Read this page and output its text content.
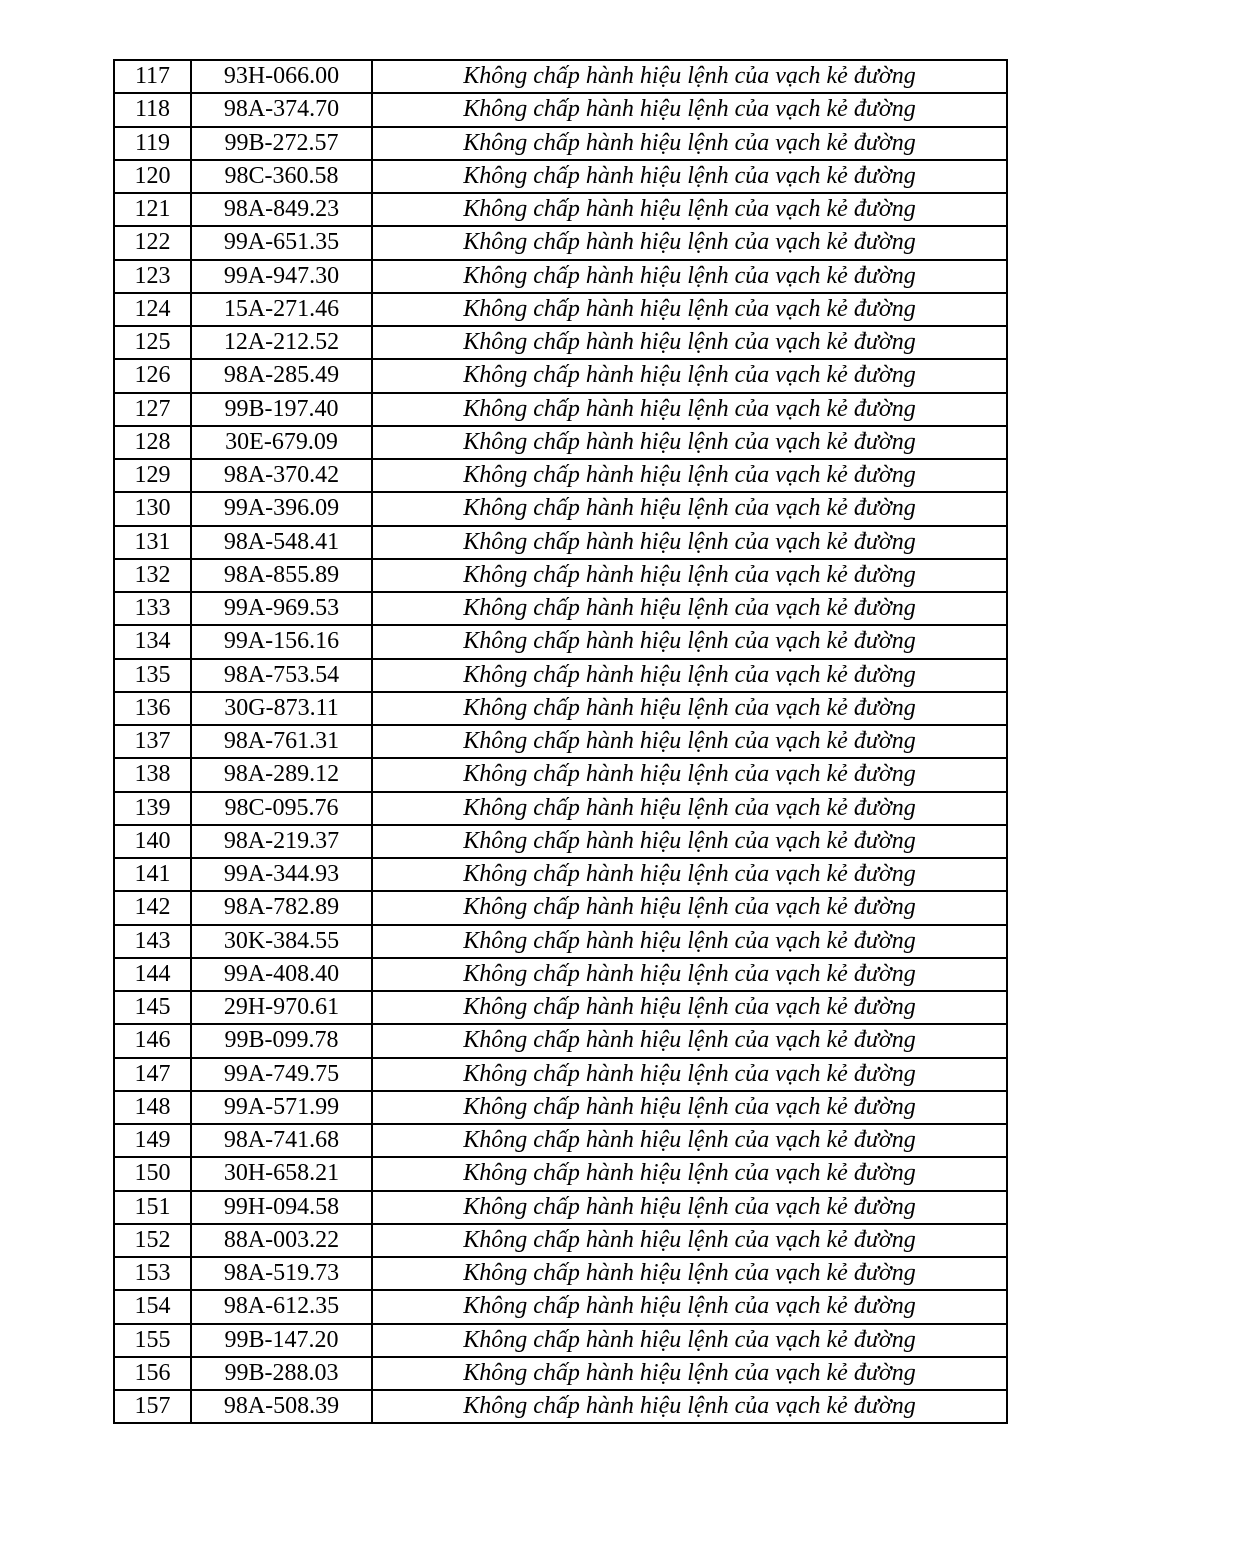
117	93H-066.00	Không chấp hành hiệu lệnh của vạch kẻ đường
118	98A-374.70	Không chấp hành hiệu lệnh của vạch kẻ đường
119	99B-272.57	Không chấp hành hiệu lệnh của vạch kẻ đường
120	98C-360.58	Không chấp hành hiệu lệnh của vạch kẻ đường
121	98A-849.23	Không chấp hành hiệu lệnh của vạch kẻ đường
122	99A-651.35	Không chấp hành hiệu lệnh của vạch kẻ đường
123	99A-947.30	Không chấp hành hiệu lệnh của vạch kẻ đường
124	15A-271.46	Không chấp hành hiệu lệnh của vạch kẻ đường
125	12A-212.52	Không chấp hành hiệu lệnh của vạch kẻ đường
126	98A-285.49	Không chấp hành hiệu lệnh của vạch kẻ đường
127	99B-197.40	Không chấp hành hiệu lệnh của vạch kẻ đường
128	30E-679.09	Không chấp hành hiệu lệnh của vạch kẻ đường
129	98A-370.42	Không chấp hành hiệu lệnh của vạch kẻ đường
130	99A-396.09	Không chấp hành hiệu lệnh của vạch kẻ đường
131	98A-548.41	Không chấp hành hiệu lệnh của vạch kẻ đường
132	98A-855.89	Không chấp hành hiệu lệnh của vạch kẻ đường
133	99A-969.53	Không chấp hành hiệu lệnh của vạch kẻ đường
134	99A-156.16	Không chấp hành hiệu lệnh của vạch kẻ đường
135	98A-753.54	Không chấp hành hiệu lệnh của vạch kẻ đường
136	30G-873.11	Không chấp hành hiệu lệnh của vạch kẻ đường
137	98A-761.31	Không chấp hành hiệu lệnh của vạch kẻ đường
138	98A-289.12	Không chấp hành hiệu lệnh của vạch kẻ đường
139	98C-095.76	Không chấp hành hiệu lệnh của vạch kẻ đường
140	98A-219.37	Không chấp hành hiệu lệnh của vạch kẻ đường
141	99A-344.93	Không chấp hành hiệu lệnh của vạch kẻ đường
142	98A-782.89	Không chấp hành hiệu lệnh của vạch kẻ đường
143	30K-384.55	Không chấp hành hiệu lệnh của vạch kẻ đường
144	99A-408.40	Không chấp hành hiệu lệnh của vạch kẻ đường
145	29H-970.61	Không chấp hành hiệu lệnh của vạch kẻ đường
146	99B-099.78	Không chấp hành hiệu lệnh của vạch kẻ đường
147	99A-749.75	Không chấp hành hiệu lệnh của vạch kẻ đường
148	99A-571.99	Không chấp hành hiệu lệnh của vạch kẻ đường
149	98A-741.68	Không chấp hành hiệu lệnh của vạch kẻ đường
150	30H-658.21	Không chấp hành hiệu lệnh của vạch kẻ đường
151	99H-094.58	Không chấp hành hiệu lệnh của vạch kẻ đường
152	88A-003.22	Không chấp hành hiệu lệnh của vạch kẻ đường
153	98A-519.73	Không chấp hành hiệu lệnh của vạch kẻ đường
154	98A-612.35	Không chấp hành hiệu lệnh của vạch kẻ đường
155	99B-147.20	Không chấp hành hiệu lệnh của vạch kẻ đường
156	99B-288.03	Không chấp hành hiệu lệnh của vạch kẻ đường
157	98A-508.39	Không chấp hành hiệu lệnh của vạch kẻ đường
